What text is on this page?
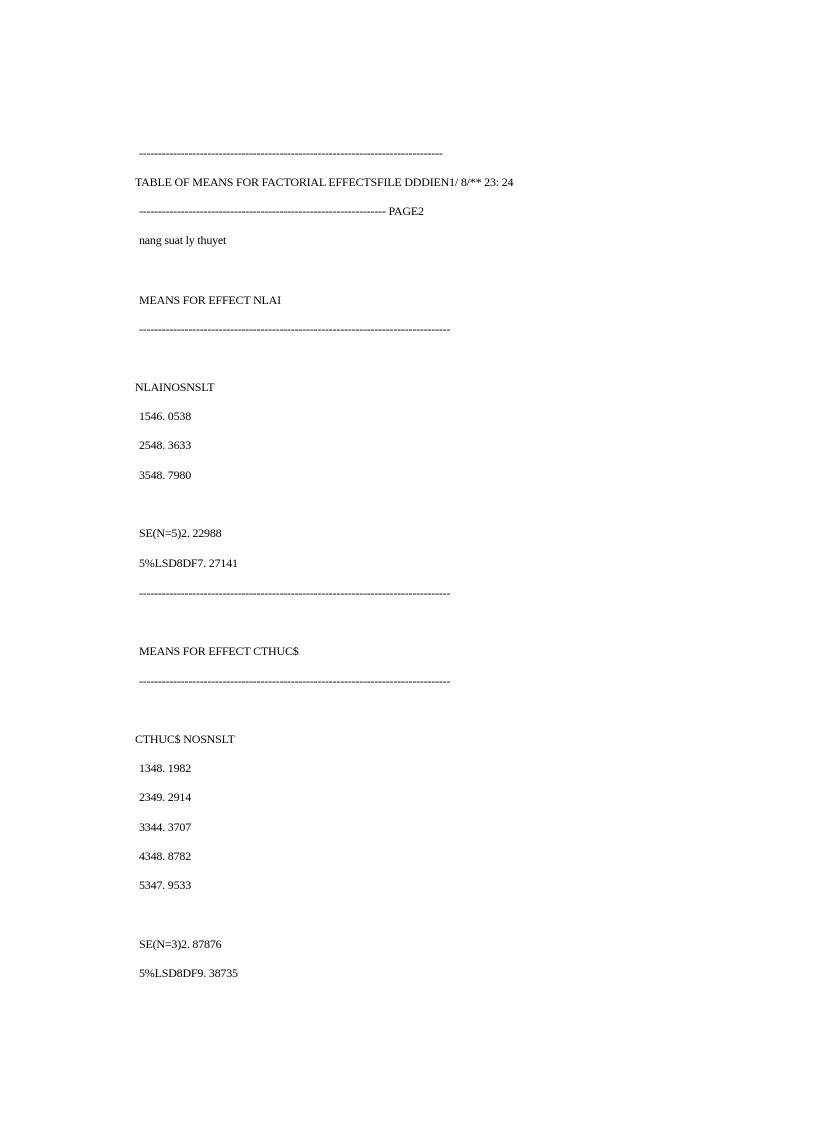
--------------------------------------------------------------------------------
TABLE OF MEANS FOR FACTORIAL EFFECTSFILE DDDIEN1/ 8/** 23: 24
----------------------------------------------------------------- PAGE2
nang suat ly thuyet
MEANS FOR EFFECT NLAI
----------------------------------------------------------------------------------
NLAINOSNSLT
1546. 0538
2548. 3633
3548. 7980
SE(N=5)2. 22988
5%LSD8DF7. 27141
----------------------------------------------------------------------------------
MEANS FOR EFFECT CTHUC$
----------------------------------------------------------------------------------
CTHUC$ NOSNSLT
1348. 1982
2349. 2914
3344. 3707
4348. 8782
5347. 9533
SE(N=3)2. 87876
5%LSD8DF9. 38735
